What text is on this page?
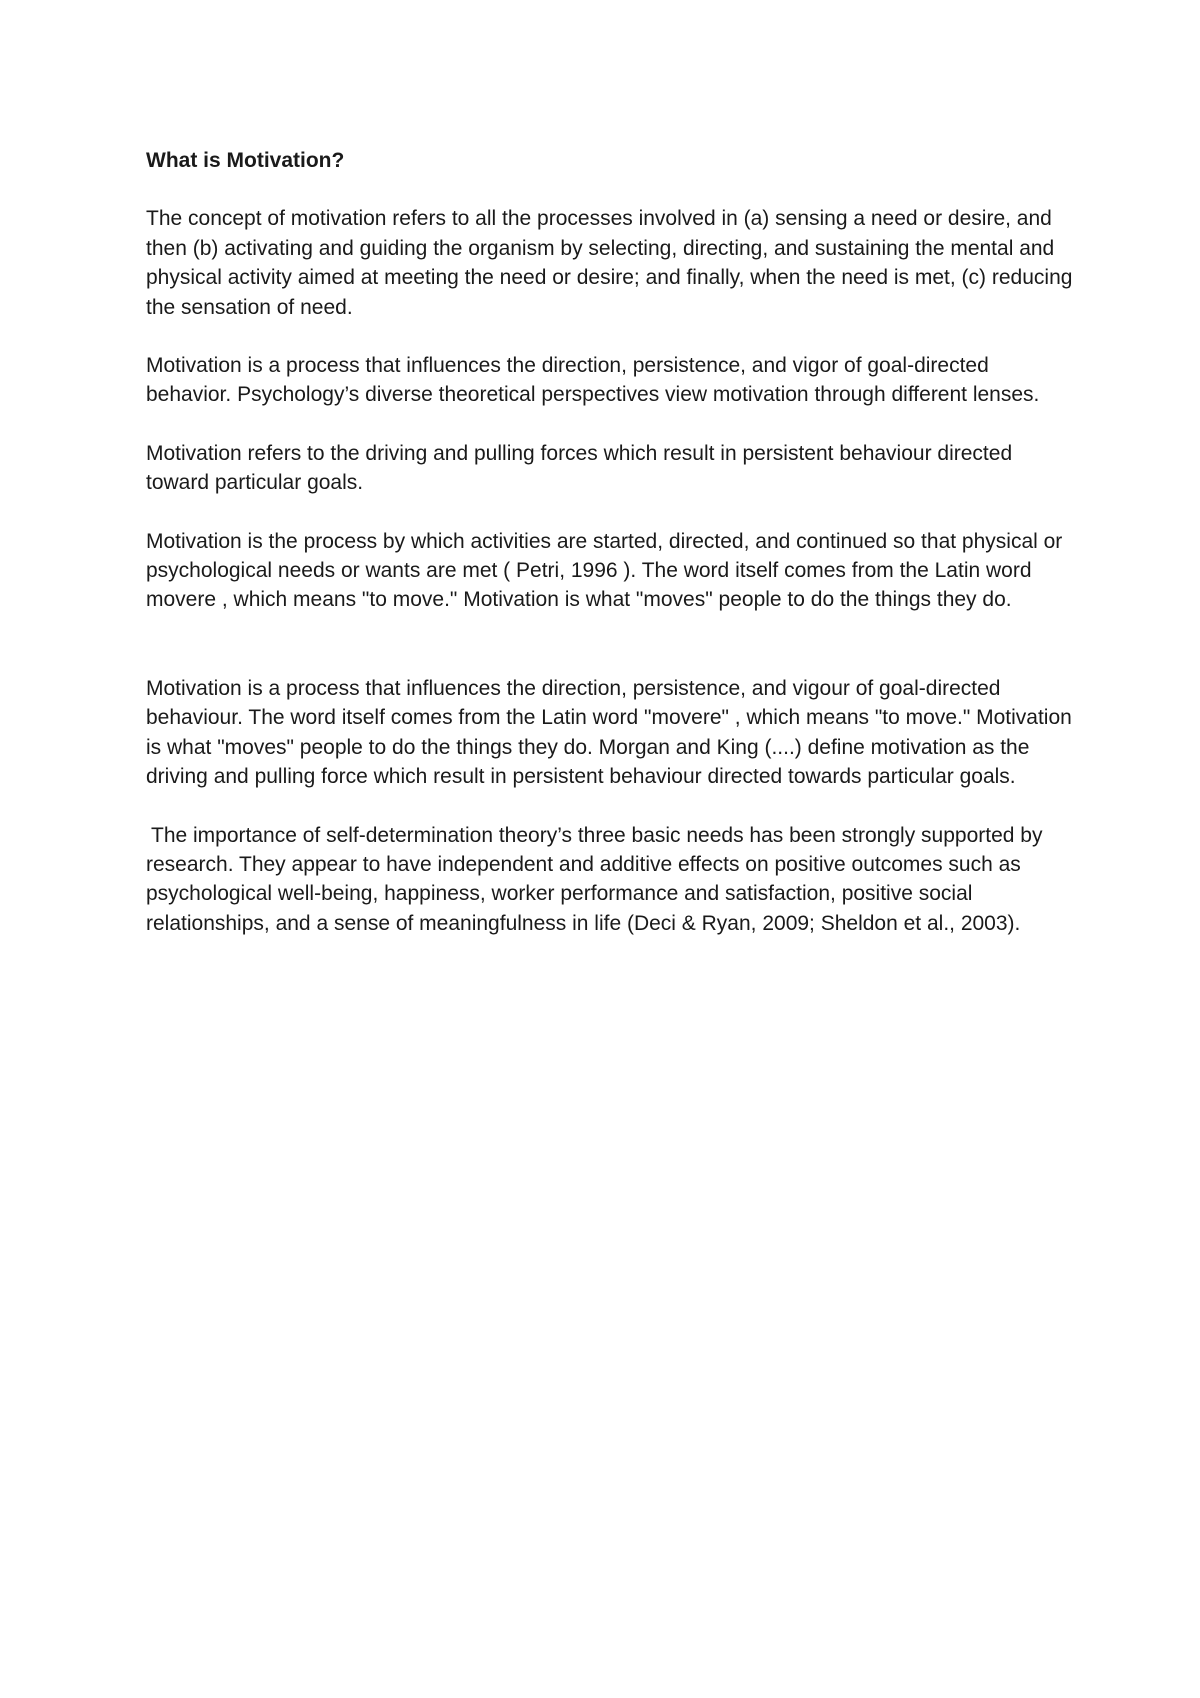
What is Motivation?

The concept of motivation refers to all the processes involved in (a) sensing a need or desire, and then (b) activating and guiding the organism by selecting, directing, and sustaining the mental and physical activity aimed at meeting the need or desire; and finally, when the need is met, (c) reducing the sensation of need.

Motivation is a process that influences the direction, persistence, and vigor of goal-directed behavior. Psychology’s diverse theoretical perspectives view motivation through different lenses.

Motivation refers to the driving and pulling forces which result in persistent behaviour directed toward particular goals.

Motivation is the process by which activities are started, directed, and continued so that physical or psychological needs or wants are met ( Petri, 1996 ). The word itself comes from the Latin word movere , which means "to move." Motivation is what "moves" people to do the things they do.

Motivation is a process that influences the direction, persistence, and vigour of goal-directed behaviour. The word itself comes from the Latin word "movere" , which means "to move." Motivation is what "moves" people to do the things they do. Morgan and King (....) define motivation as the driving and pulling force which result in persistent behaviour directed towards particular goals.

The importance of self-determination theory’s three basic needs has been strongly supported by research. They appear to have independent and additive effects on positive outcomes such as psychological well-being, happiness, worker performance and satisfaction, positive social relationships, and a sense of meaningfulness in life (Deci & Ryan, 2009; Sheldon et al., 2003).
